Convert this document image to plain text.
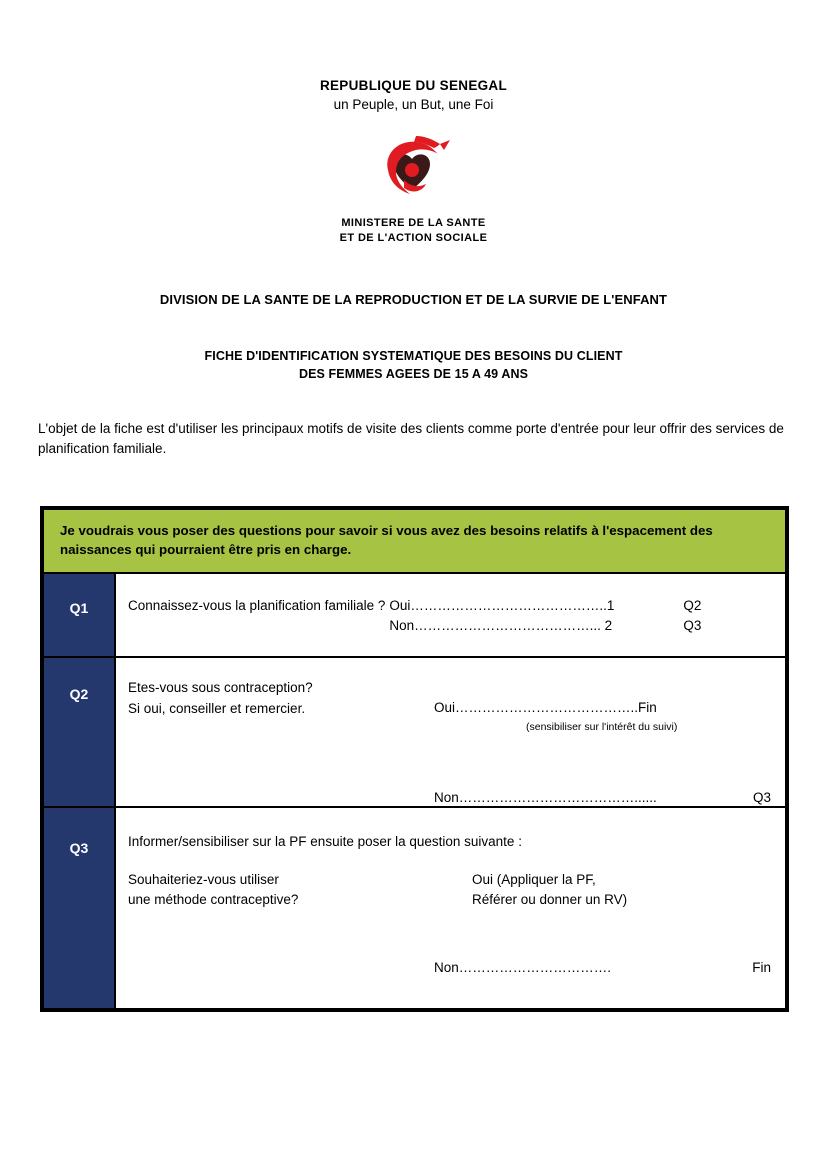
REPUBLIQUE DU SENEGAL
un Peuple, un But, une Foi
MINISTERE DE LA SANTE
ET DE L'ACTION SOCIALE
DIVISION DE LA SANTE DE LA REPRODUCTION ET DE LA SURVIE DE L'ENFANT
FICHE D'IDENTIFICATION SYSTEMATIQUE DES BESOINS DU CLIENT
DES FEMMES AGEES DE 15 A 49 ANS
L'objet de la fiche est d'utiliser les principaux motifs de visite des clients comme porte d'entrée pour leur offrir des services de planification familiale.
Je voudrais vous poser des questions pour savoir si vous avez des besoins relatifs à l'espacement des naissances qui pourraient être pris en charge.
Q1	Connaissez-vous la planification familiale ? Oui……………………………………..1	Q2
Non…………………………………... 2	Q3
Q2	Etes-vous sous contraception?
Si oui, conseiller et remercier.	Oui…………………………………..Fin
(sensibiliser sur l'intérêt du suivi)
Non…………………………………......	Q3
Q3	Informer/sensibiliser sur la PF ensuite poser la question suivante :
Souhaiteriez-vous utiliser
une méthode contraceptive?
Oui (Appliquer la PF,
Référer ou donner un RV)
Non…………………………….	Fin
